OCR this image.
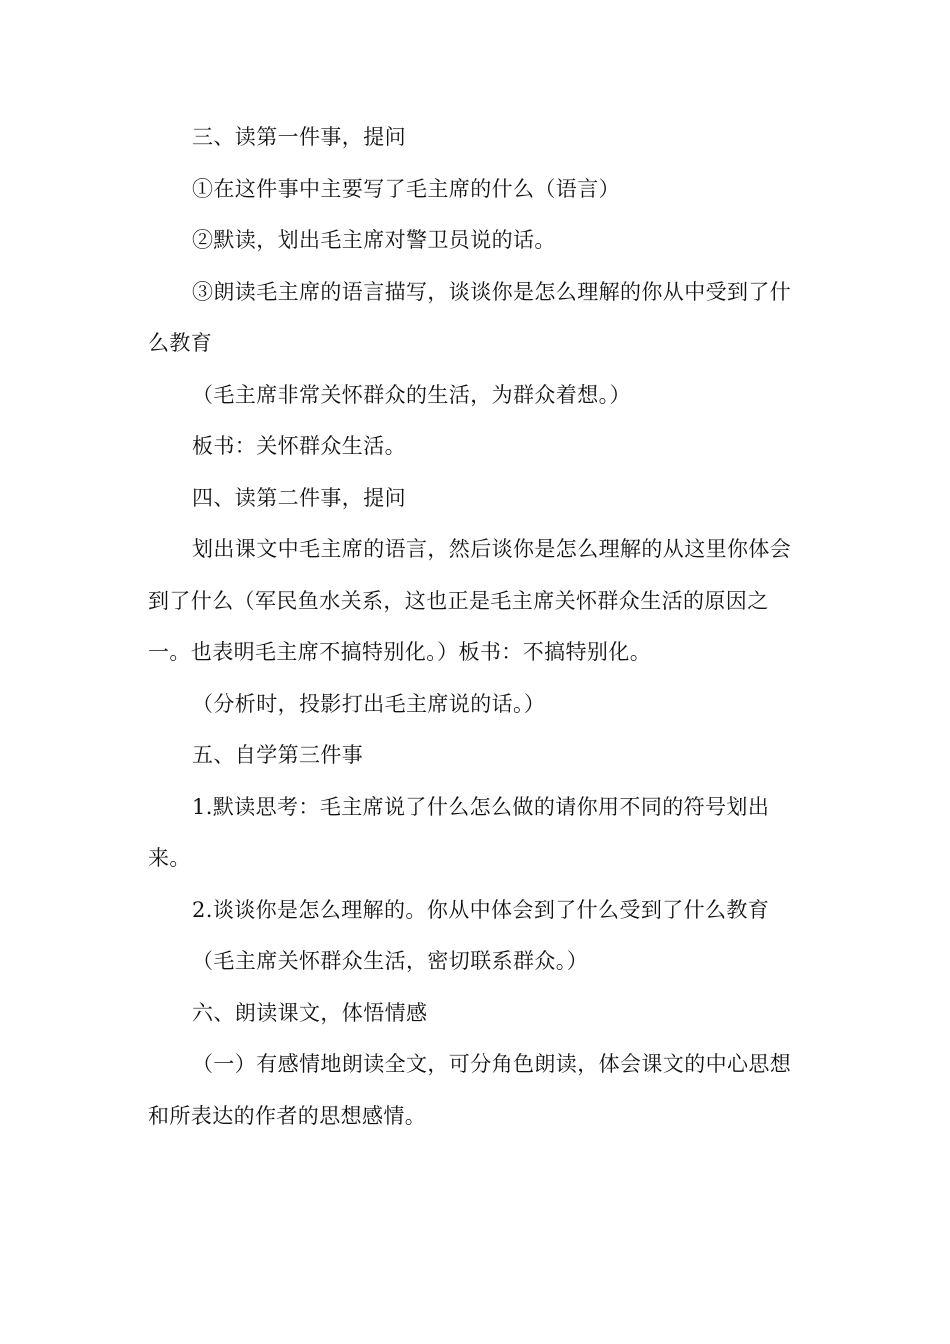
三、读第一件事，提问

①在这件事中主要写了毛主席的什么（语言）

②默读，划出毛主席对警卫员说的话。

③朗读毛主席的语言描写，谈谈你是怎么理解的你从中受到了什么教育

（毛主席非常关怀群众的生活，为群众着想。）

板书：关怀群众生活。

四、读第二件事，提问

划出课文中毛主席的语言，然后谈你是怎么理解的从这里你体会到了什么（军民鱼水关系，这也正是毛主席关怀群众生活的原因之一。也表明毛主席不搞特别化。）板书：不搞特别化。

（分析时，投影打出毛主席说的话。）

五、自学第三件事

1.默读思考：毛主席说了什么怎么做的请你用不同的符号划出来。

2.谈谈你是怎么理解的。你从中体会到了什么受到了什么教育

（毛主席关怀群众生活，密切联系群众。）

六、朗读课文，体悟情感

（一）有感情地朗读全文，可分角色朗读，体会课文的中心思想和所表达的作者的思想感情。
